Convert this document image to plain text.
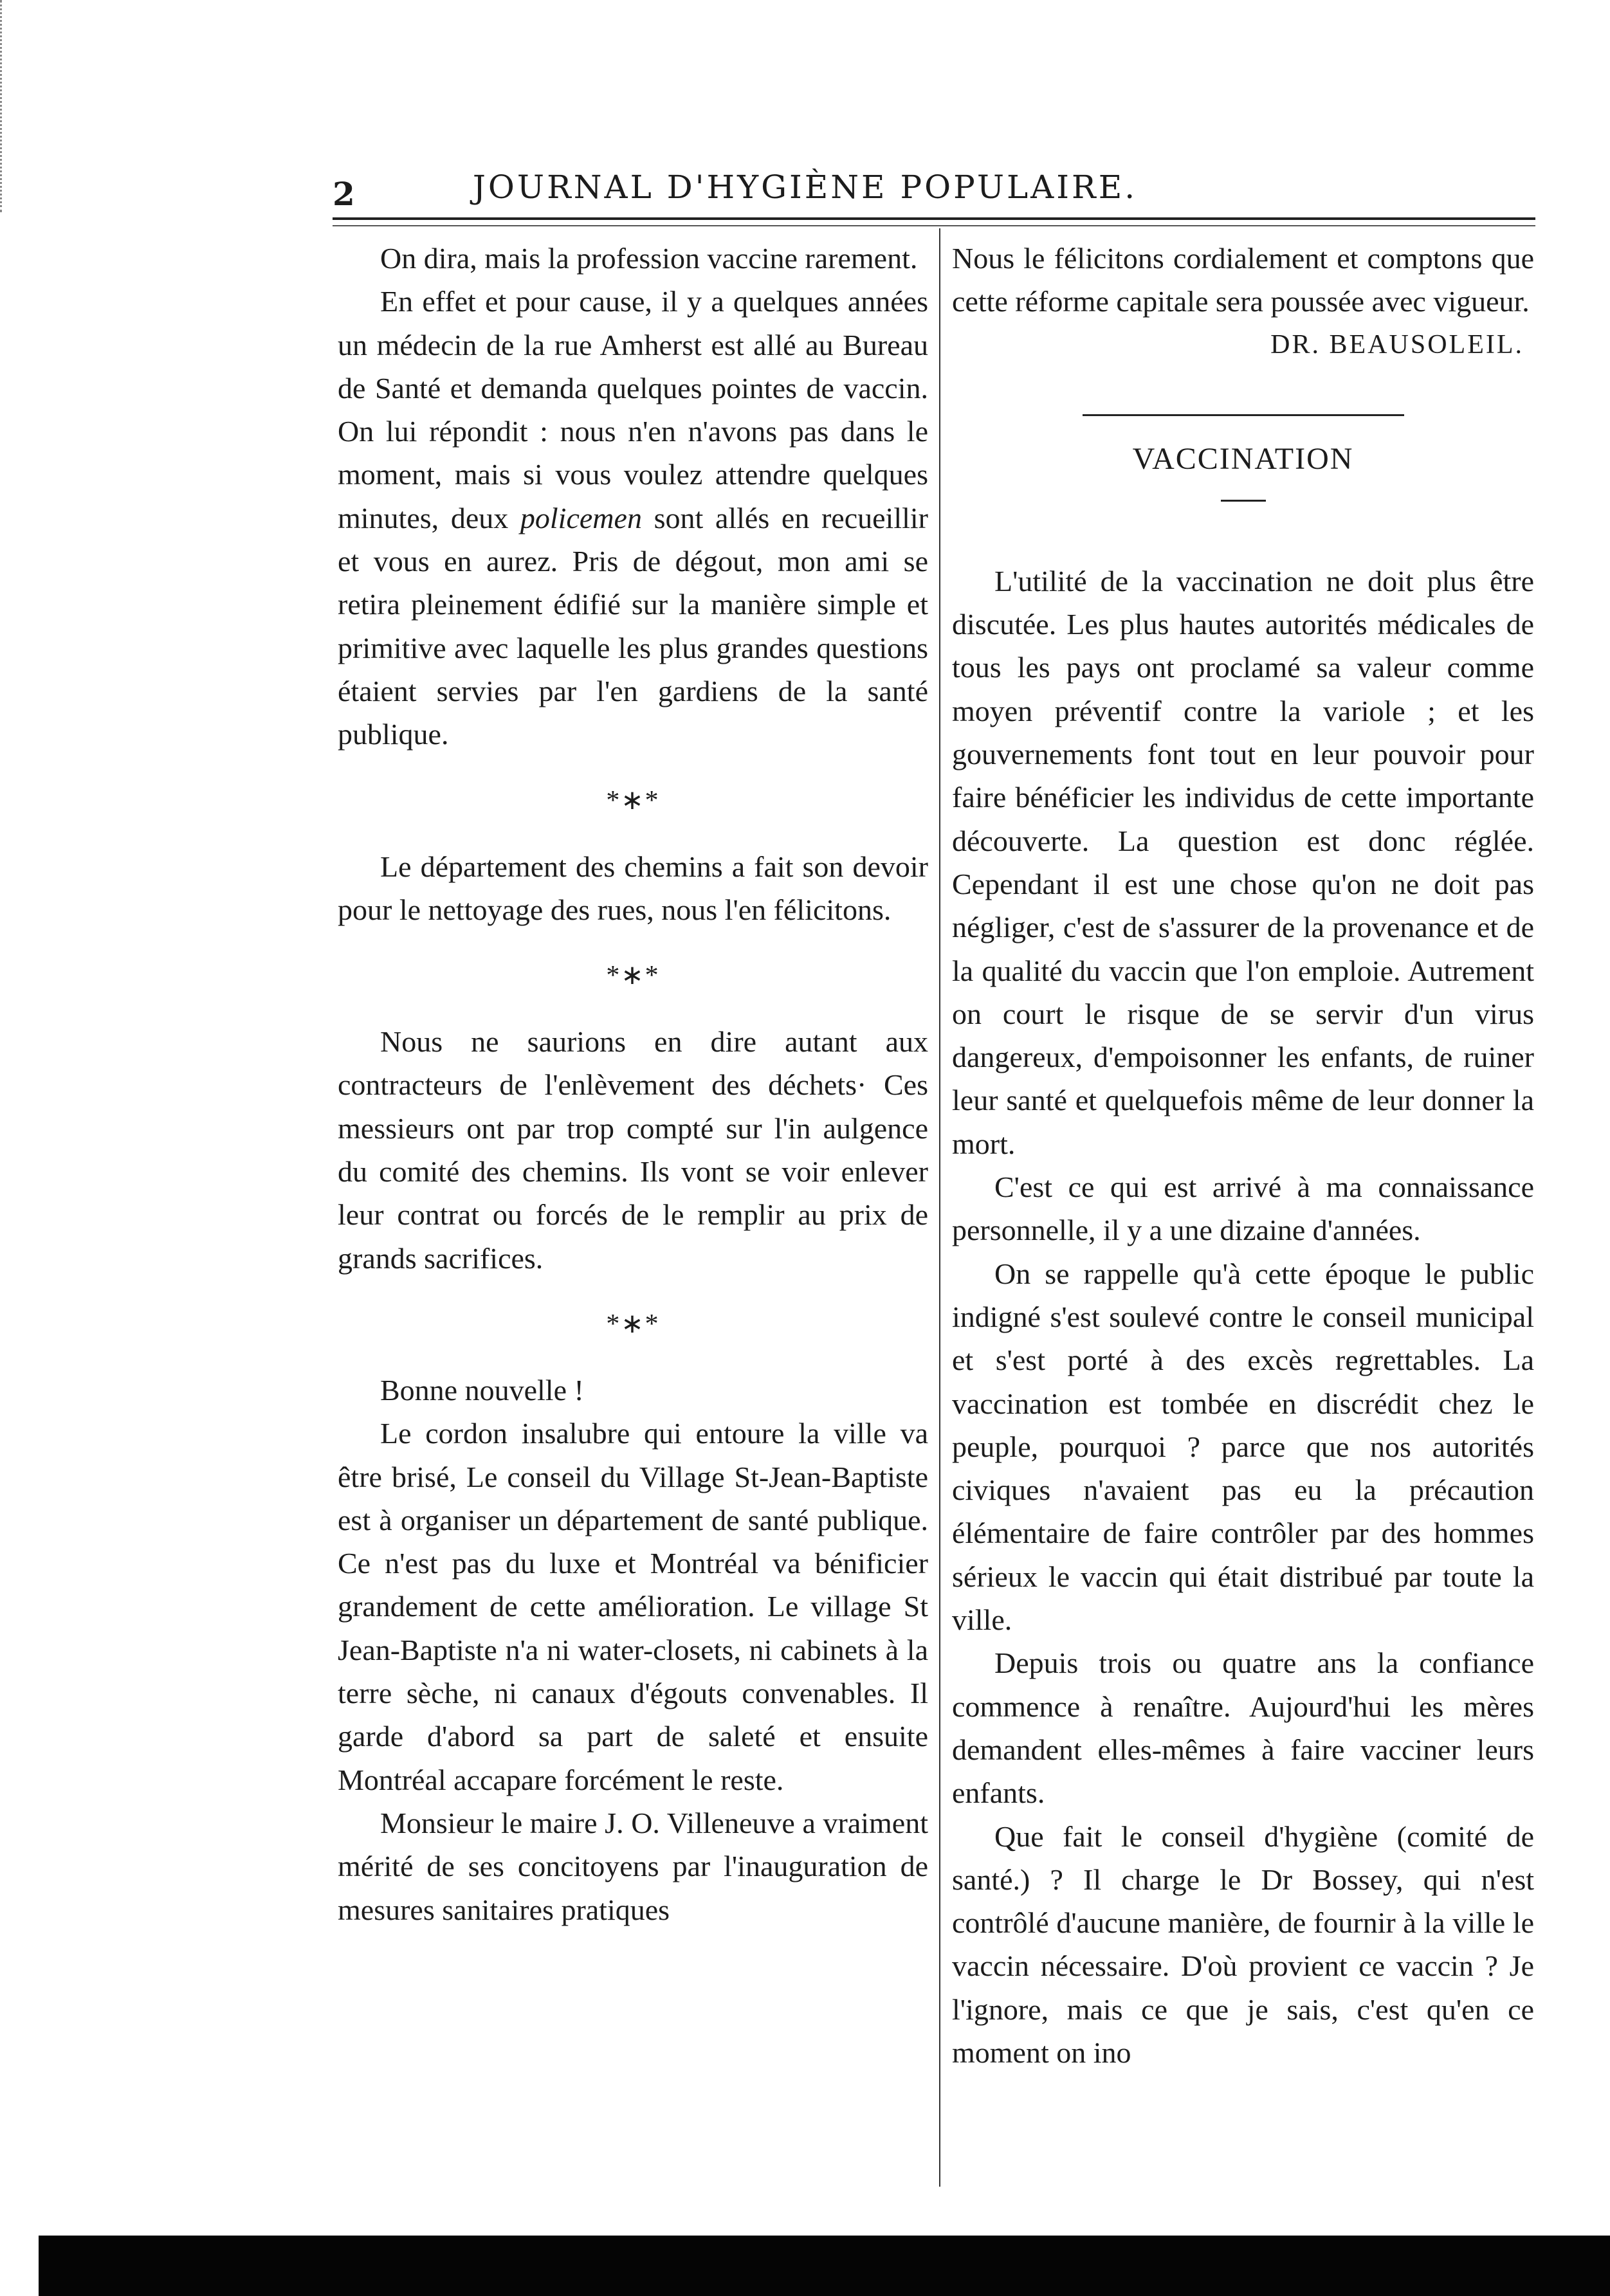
2	JOURNAL D'HYGIÈNE POPULAIRE.

On dira, mais la profession vaccine rarement.

En effet et pour cause, il y a quelques années un médecin de la rue Amherst est allé au Bureau de Santé et demanda quelques pointes de vaccin. On lui répondit : nous n'en n'avons pas dans le moment, mais si vous voulez attendre quelques minutes, deux policemen sont allés en recueillir et vous en aurez. Pris de dégout, mon ami se retira pleinement édifié sur la manière simple et primitive avec laquelle les plus grandes questions étaient servies par l'en gardiens de la santé publique.

*∗*

Le département des chemins a fait son devoir pour le nettoyage des rues, nous l'en félicitons.

*∗*

Nous ne saurions en dire autant aux contracteurs de l'enlèvement des déchets· Ces messieurs ont par trop compté sur l'in aulgence du comité des chemins. Ils vont se voir enlever leur contrat ou forcés de le remplir au prix de grands sacrifices.

*∗*

Bonne nouvelle !

Le cordon insalubre qui entoure la ville va être brisé, Le conseil du Village St-Jean-Baptiste est à organiser un département de santé publique. Ce n'est pas du luxe et Montréal va bénificier grandement de cette amélioration. Le village St Jean-Baptiste n'a ni water-closets, ni cabinets à la terre sèche, ni canaux d'égouts convenables. Il garde d'abord sa part de saleté et ensuite Montréal accapare forcément le reste.

Monsieur le maire J. O. Villeneuve a vraiment mérité de ses concitoyens par l'inauguration de mesures sanitaires pratiques

Nous le félicitons cordialement et comptons que cette réforme capitale sera poussée avec vigueur.

DR. BEAUSOLEIL.
VACCINATION

L'utilité de la vaccination ne doit plus être discutée. Les plus hautes autorités médicales de tous les pays ont proclamé sa valeur comme moyen préventif contre la variole ; et les gouvernements font tout en leur pouvoir pour faire bénéficier les individus de cette importante découverte. La question est donc réglée. Cependant il est une chose qu'on ne doit pas négliger, c'est de s'assurer de la provenance et de la qualité du vaccin que l'on emploie. Autrement on court le risque de se servir d'un virus dangereux, d'empoisonner les enfants, de ruiner leur santé et quelquefois même de leur donner la mort.

C'est ce qui est arrivé à ma connaissance personnelle, il y a une dizaine d'années.

On se rappelle qu'à cette époque le public indigné s'est soulevé contre le conseil municipal et s'est porté à des excès regrettables. La vaccination est tombée en discrédit chez le peuple, pourquoi ? parce que nos autorités civiques n'avaient pas eu la précaution élémentaire de faire contrôler par des hommes sérieux le vaccin qui était distribué par toute la ville.

Depuis trois ou quatre ans la confiance commence à renaître. Aujourd'hui les mères demandent elles-mêmes à faire vacciner leurs enfants.

Que fait le conseil d'hygiène (comité de santé.) ? Il charge le Dr Bossey, qui n'est contrôlé d'aucune manière, de fournir à la ville le vaccin nécessaire. D'où provient ce vaccin ? Je l'ignore, mais ce que je sais, c'est qu'en ce moment on ino
